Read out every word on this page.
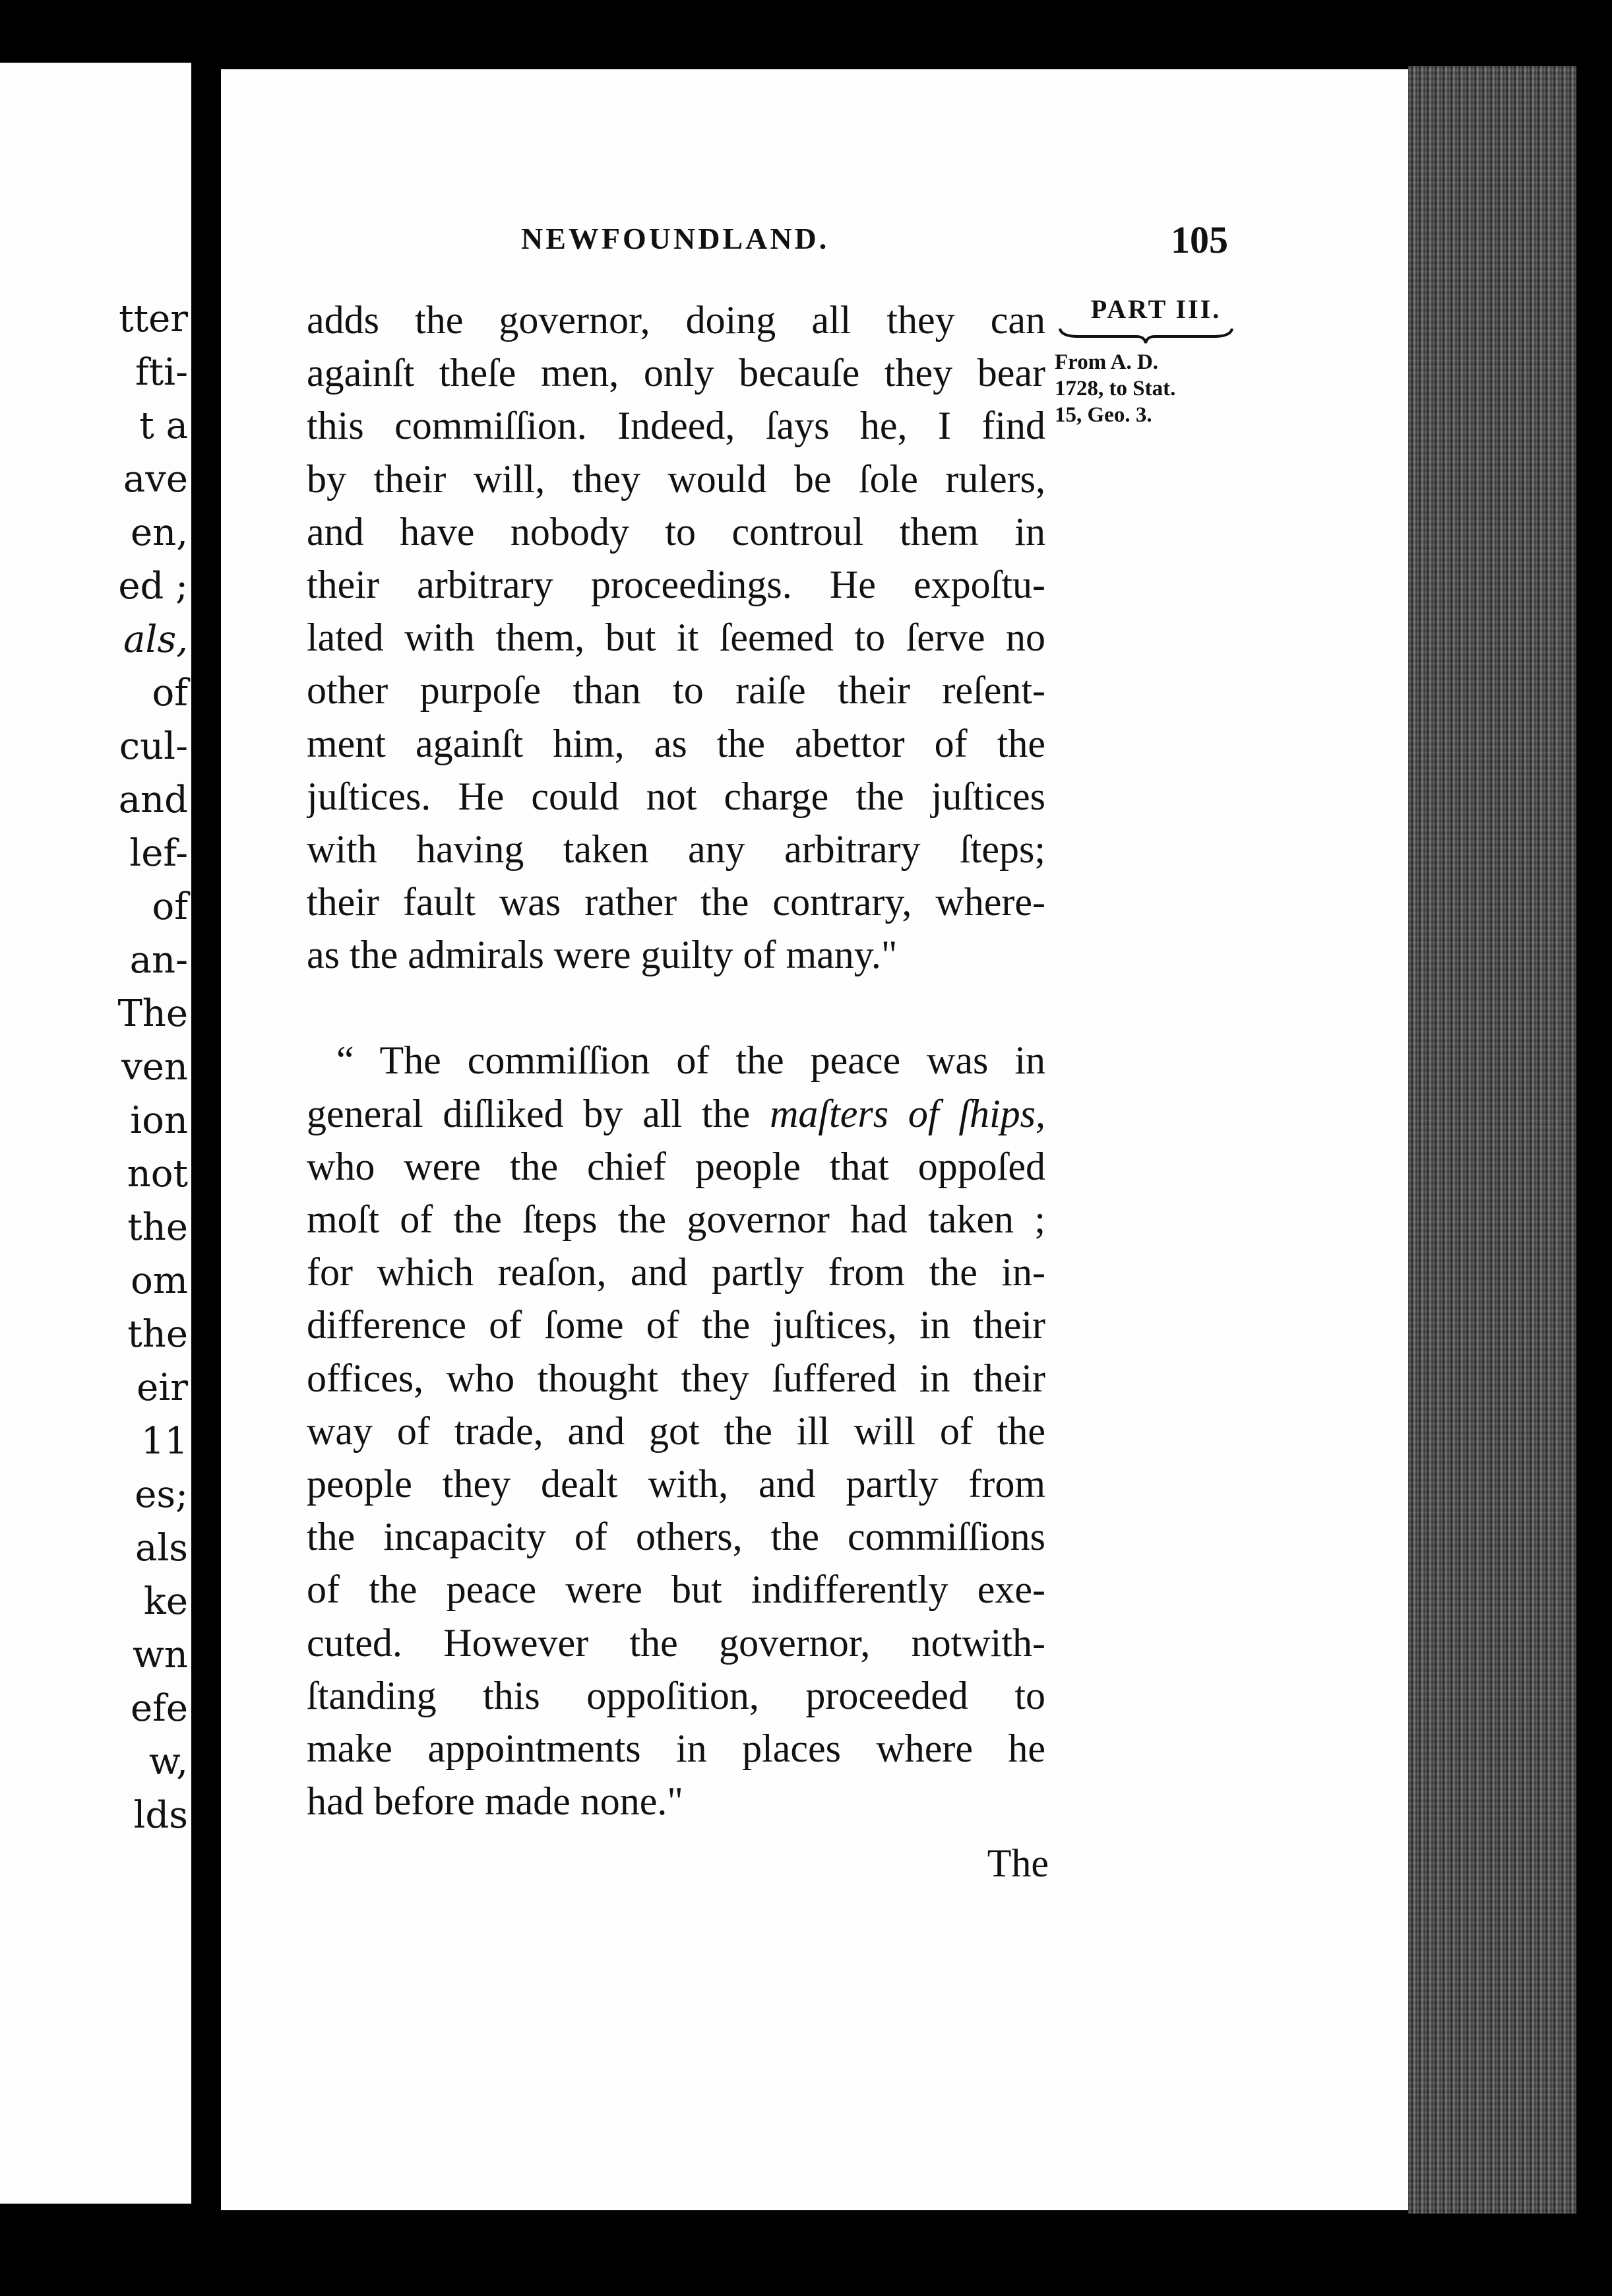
tter
fti-
t a
ave
en,
ed ;
als,
of
cul-
and
lef-
of
an-
The
ven
ion
not
the
om
the
eir
11
es;
als
ke
wn
efe
w,
lds
NEWFOUNDLAND.	105
PART III.
From A. D.
1728, to Stat.
15, Geo. 3.
adds the governor, doing all they can
againſt theſe men, only becauſe they bear
this commiſſion. Indeed, ſays he, I find
by their will, they would be ſole rulers,
and have nobody to controul them in
their arbitrary proceedings. He expoſtu-
lated with them, but it ſeemed to ſerve no
other purpoſe than to raiſe their reſent-
ment againſt him, as the abettor of the
juſtices. He could not charge the juſtices
with having taken any arbitrary ſteps;
their fault was rather the contrary, where-
as the admirals were guilty of many."
“ The commiſſion of the peace was in
general diſliked by all the maſters of ſhips,
who were the chief people that oppoſed
moſt of the ſteps the governor had taken ;
for which reaſon, and partly from the in-
difference of ſome of the juſtices, in their
offices, who thought they ſuffered in their
way of trade, and got the ill will of the
people they dealt with, and partly from
the incapacity of others, the commiſſions
of the peace were but indifferently exe-
cuted. However the governor, notwith-
ſtanding this oppoſition, proceeded to
make appointments in places where he
had before made none."
The
